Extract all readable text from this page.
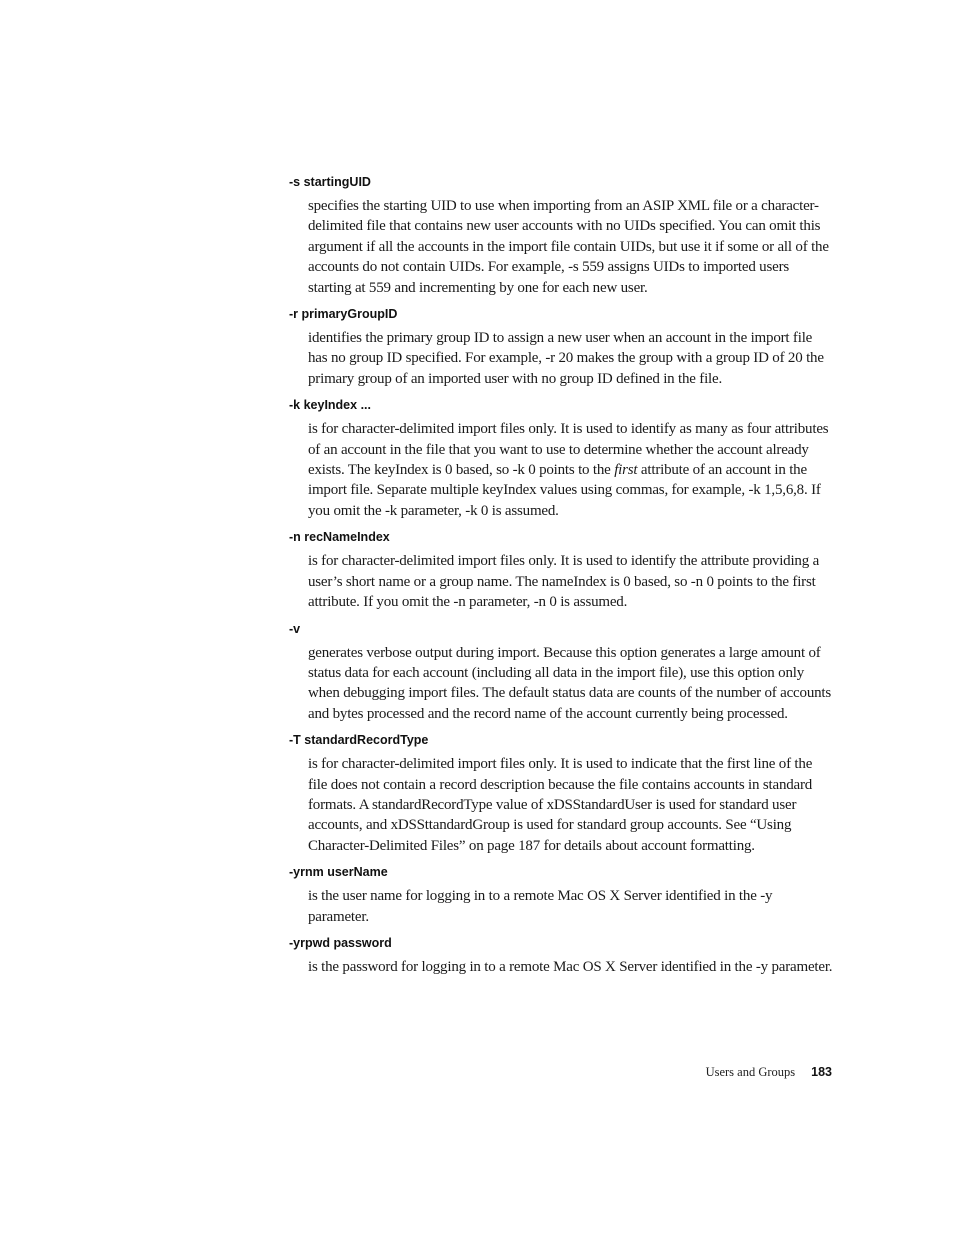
-s startingUID

specifies the starting UID to use when importing from an ASIP XML file or a character-delimited file that contains new user accounts with no UIDs specified. You can omit this argument if all the accounts in the import file contain UIDs, but use it if some or all of the accounts do not contain UIDs. For example, -s 559 assigns UIDs to imported users starting at 559 and incrementing by one for each new user.

-r primaryGroupID

identifies the primary group ID to assign a new user when an account in the import file has no group ID specified. For example, -r 20 makes the group with a group ID of 20 the primary group of an imported user with no group ID defined in the file.

-k keyIndex ...

is for character-delimited import files only. It is used to identify as many as four attributes of an account in the file that you want to use to determine whether the account already exists. The keyIndex is 0 based, so -k 0 points to the first attribute of an account in the import file. Separate multiple keyIndex values using commas, for example, -k 1,5,6,8. If you omit the -k parameter, -k 0 is assumed.

-n recNameIndex

is for character-delimited import files only. It is used to identify the attribute providing a user’s short name or a group name. The nameIndex is 0 based, so -n 0 points to the first attribute. If you omit the -n parameter, -n 0 is assumed.

-v

generates verbose output during import. Because this option generates a large amount of status data for each account (including all data in the import file), use this option only when debugging import files. The default status data are counts of the number of accounts and bytes processed and the record name of the account currently being processed.

-T standardRecordType

is for character-delimited import files only. It is used to indicate that the first line of the file does not contain a record description because the file contains accounts in standard formats. A standardRecordType value of xDSStandardUser is used for standard user accounts, and xDSSttandardGroup is used for standard group accounts. See “Using Character-Delimited Files” on page 187 for details about account formatting.

-yrnm userName

is the user name for logging in to a remote Mac OS X Server identified in the -y parameter.

-yrpwd password

is the password for logging in to a remote Mac OS X Server identified in the -y parameter.

Users and Groups 183
